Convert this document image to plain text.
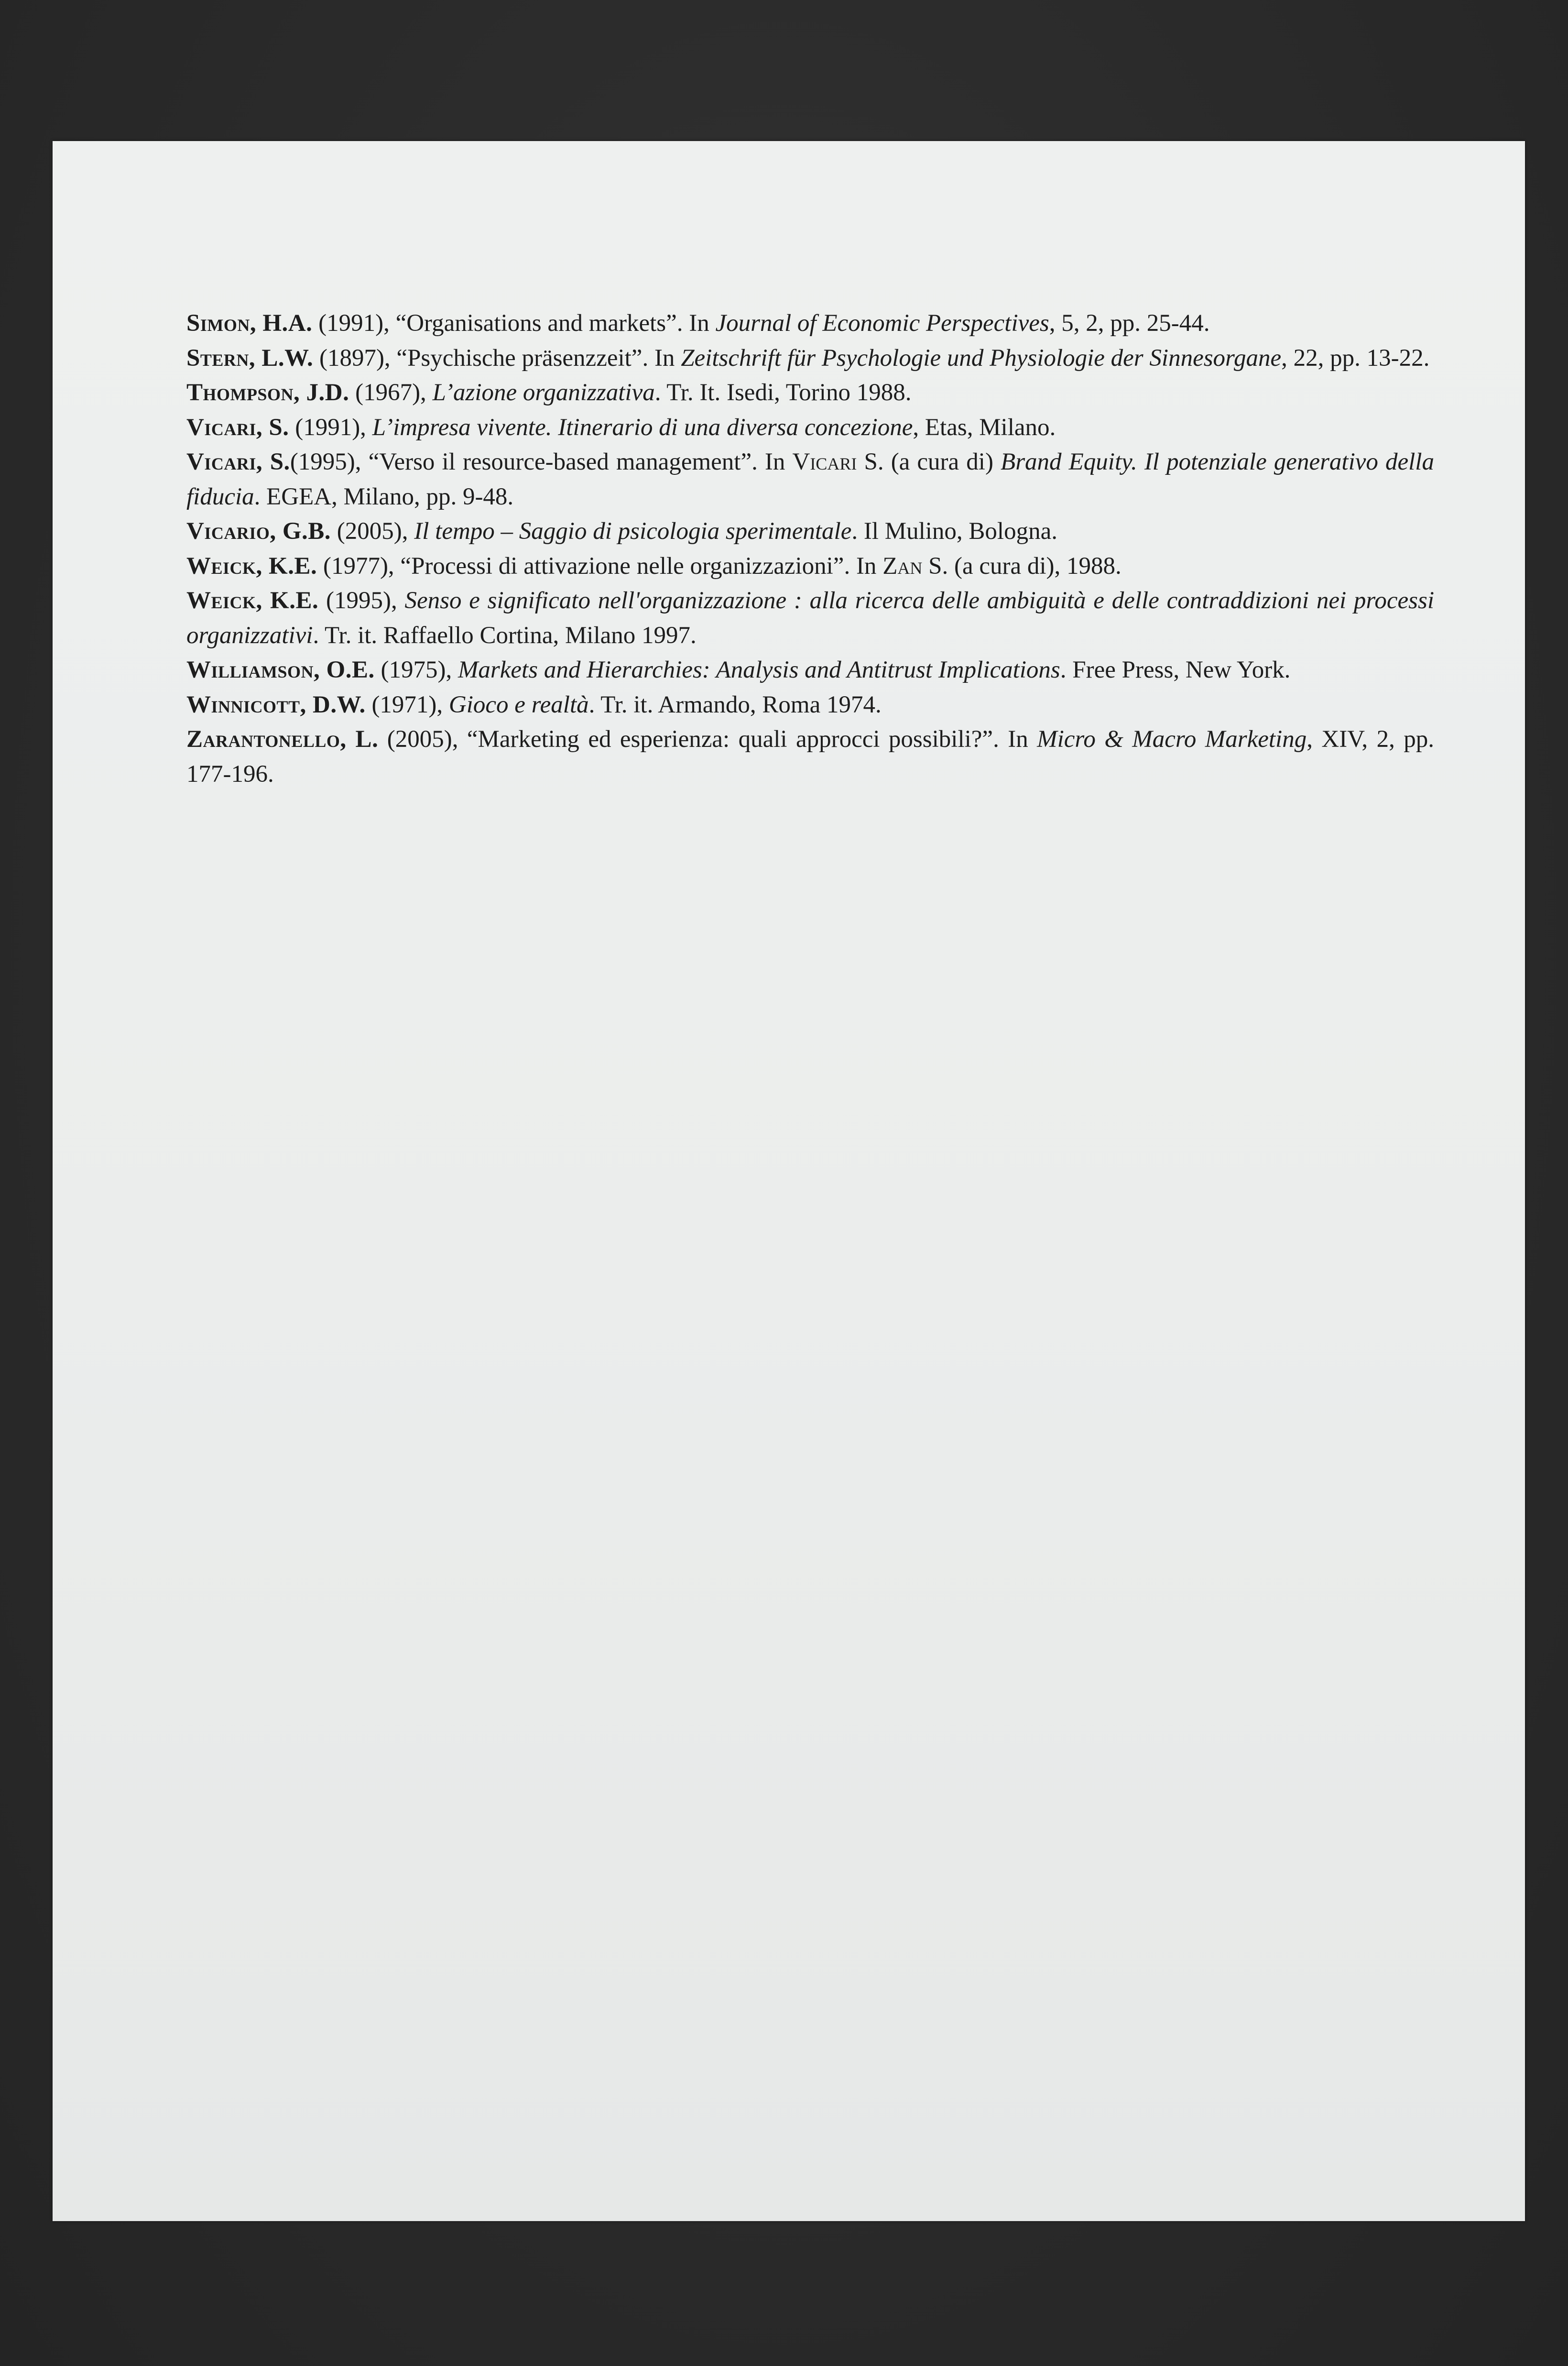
Simon, H.A. (1991), “Organisations and markets”. In Journal of Economic Perspectives, 5, 2, pp. 25-44.

Stern, L.W. (1897), “Psychische präsenzzeit”. In Zeitschrift für Psychologie und Physiologie der Sinnesorgane, 22, pp. 13-22.

Thompson, J.D. (1967), L’azione organizzativa. Tr. It. Isedi, Torino 1988.

Vicari, S. (1991), L’impresa vivente. Itinerario di una diversa concezione, Etas, Milano.

Vicari, S.(1995), “Verso il resource-based management”. In Vicari S. (a cura di) Brand Equity. Il potenziale generativo della fiducia. EGEA, Milano, pp. 9-48.

Vicario, G.B. (2005), Il tempo – Saggio di psicologia sperimentale. Il Mulino, Bologna.

Weick, K.E. (1977), “Processi di attivazione nelle organizzazioni”. In Zan S. (a cura di), 1988.

Weick, K.E. (1995), Senso e significato nell'organizzazione : alla ricerca delle ambiguità e delle contraddizioni nei processi organizzativi. Tr. it. Raffaello Cortina, Milano 1997.

Williamson, O.E. (1975), Markets and Hierarchies: Analysis and Antitrust Implications. Free Press, New York.

Winnicott, D.W. (1971), Gioco e realtà. Tr. it. Armando, Roma 1974.

Zarantonello, L. (2005), “Marketing ed esperienza: quali approcci possibili?”. In Micro & Macro Marketing, XIV, 2, pp. 177-196.
